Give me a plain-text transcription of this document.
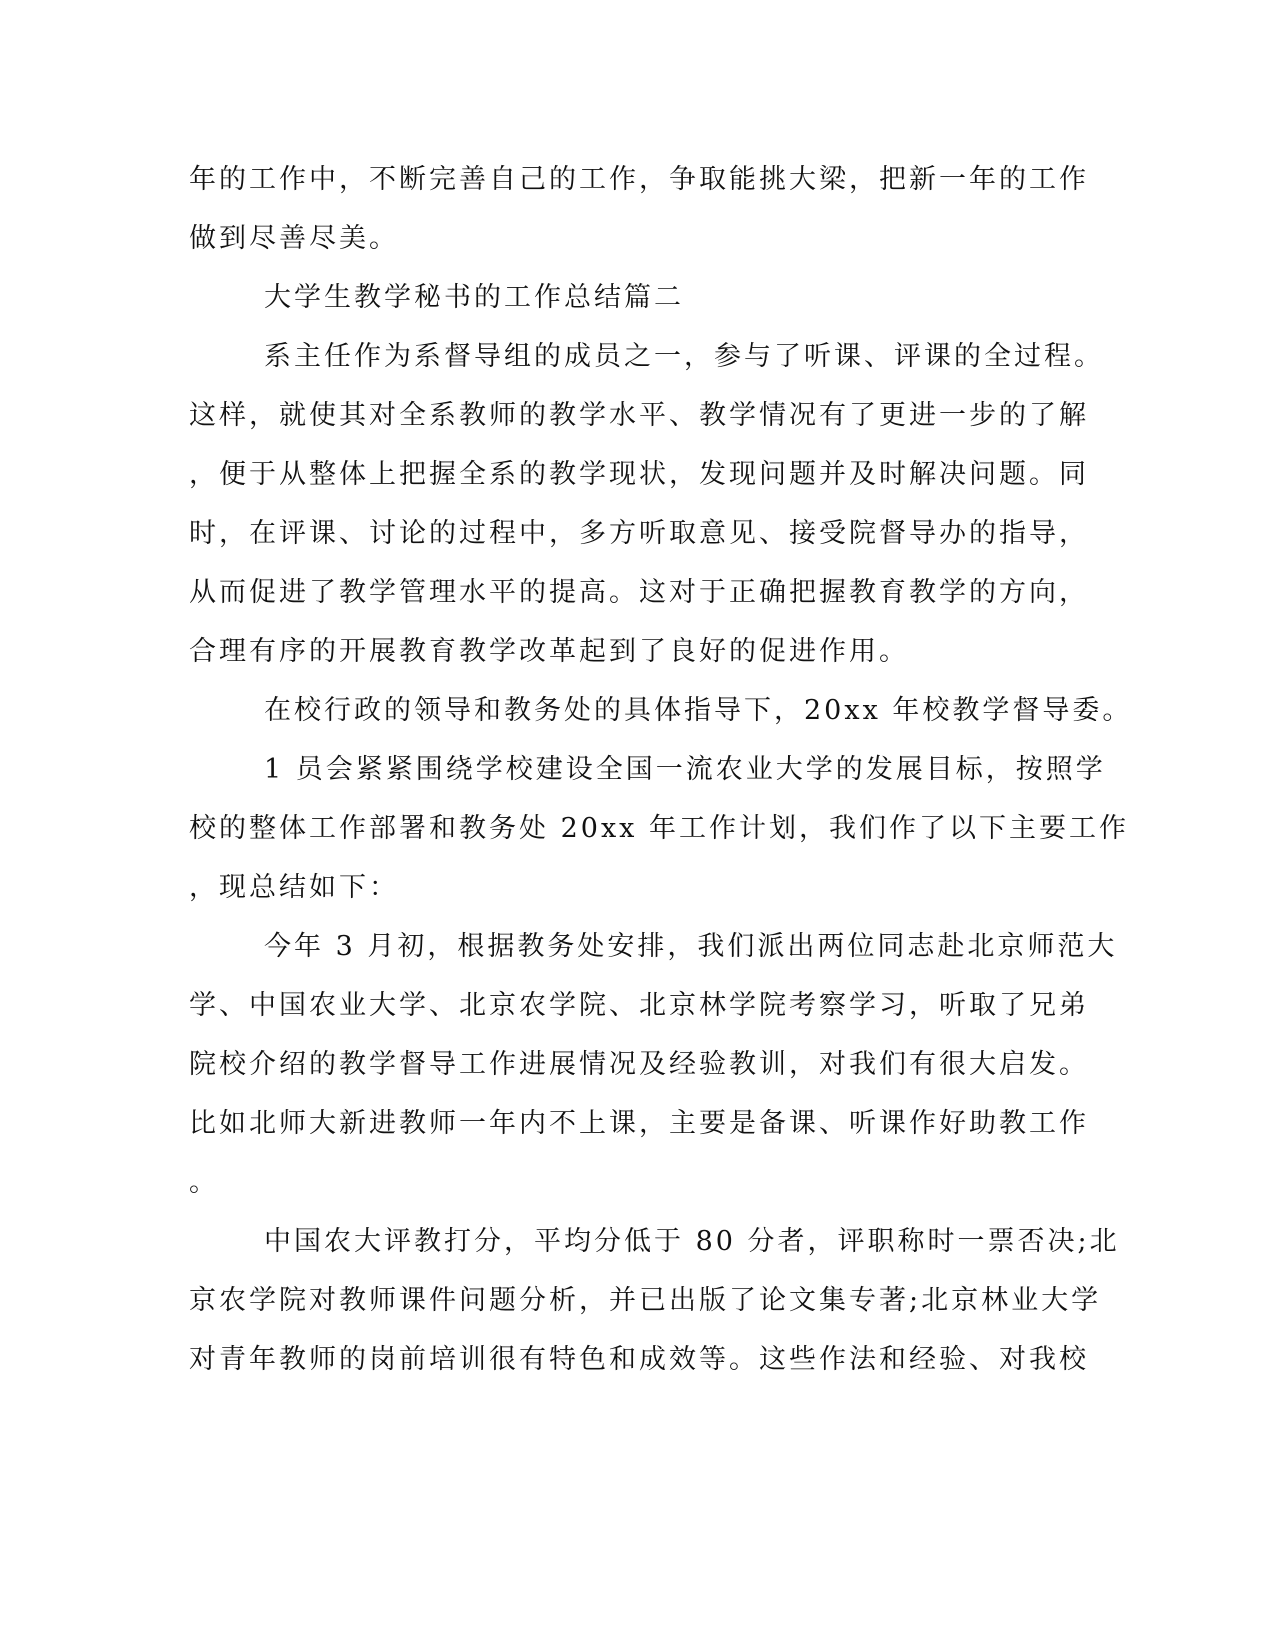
年的工作中，不断完善自己的工作，争取能挑大梁，把新一年的工作
做到尽善尽美。
大学生教学秘书的工作总结篇二
系主任作为系督导组的成员之一，参与了听课、评课的全过程。
这样，就使其对全系教师的教学水平、教学情况有了更进一步的了解
，便于从整体上把握全系的教学现状，发现问题并及时解决问题。同
时，在评课、讨论的过程中，多方听取意见、接受院督导办的指导，
从而促进了教学管理水平的提高。这对于正确把握教育教学的方向，
合理有序的开展教育教学改革起到了良好的促进作用。
在校行政的领导和教务处的具体指导下，20xx 年校教学督导委。
1 员会紧紧围绕学校建设全国一流农业大学的发展目标，按照学
校的整体工作部署和教务处 20xx 年工作计划，我们作了以下主要工作
，现总结如下：
今年 3 月初，根据教务处安排，我们派出两位同志赴北京师范大
学、中国农业大学、北京农学院、北京林学院考察学习，听取了兄弟
院校介绍的教学督导工作进展情况及经验教训，对我们有很大启发。
比如北师大新进教师一年内不上课，主要是备课、听课作好助教工作
。
中国农大评教打分，平均分低于 80 分者，评职称时一票否决;北
京农学院对教师课件问题分析，并已出版了论文集专著;北京林业大学
对青年教师的岗前培训很有特色和成效等。这些作法和经验、对我校
